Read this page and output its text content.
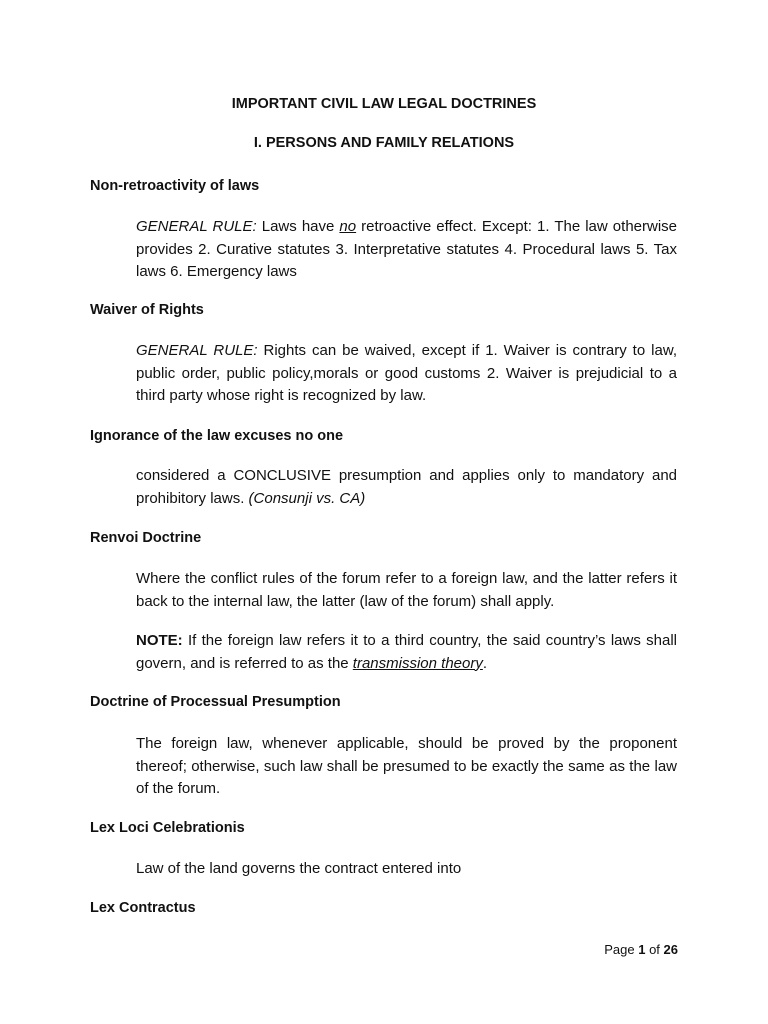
IMPORTANT CIVIL LAW LEGAL DOCTRINES
I. PERSONS AND FAMILY RELATIONS
Non-retroactivity of laws
GENERAL RULE: Laws have no retroactive effect. Except: 1. The law otherwise provides 2. Curative statutes 3. Interpretative statutes 4. Procedural laws 5. Tax laws 6. Emergency laws
Waiver of Rights
GENERAL RULE: Rights can be waived, except if 1. Waiver is contrary to law, public order, public policy,morals or good customs 2. Waiver is prejudicial to a third party whose right is recognized by law.
Ignorance of the law excuses no one
considered a CONCLUSIVE presumption and applies only to mandatory and prohibitory laws. (Consunji vs. CA)
Renvoi Doctrine
Where the conflict rules of the forum refer to a foreign law, and the latter refers it back to the internal law, the latter (law of the forum) shall apply.
NOTE: If the foreign law refers it to a third country, the said country’s laws shall govern, and is referred to as the transmission theory.
Doctrine of Processual Presumption
The foreign law, whenever applicable, should be proved by the proponent thereof; otherwise, such law shall be presumed to be exactly the same as the law of the forum.
Lex Loci Celebrationis
Law of the land governs the contract entered into
Lex Contractus
Page 1 of 26
